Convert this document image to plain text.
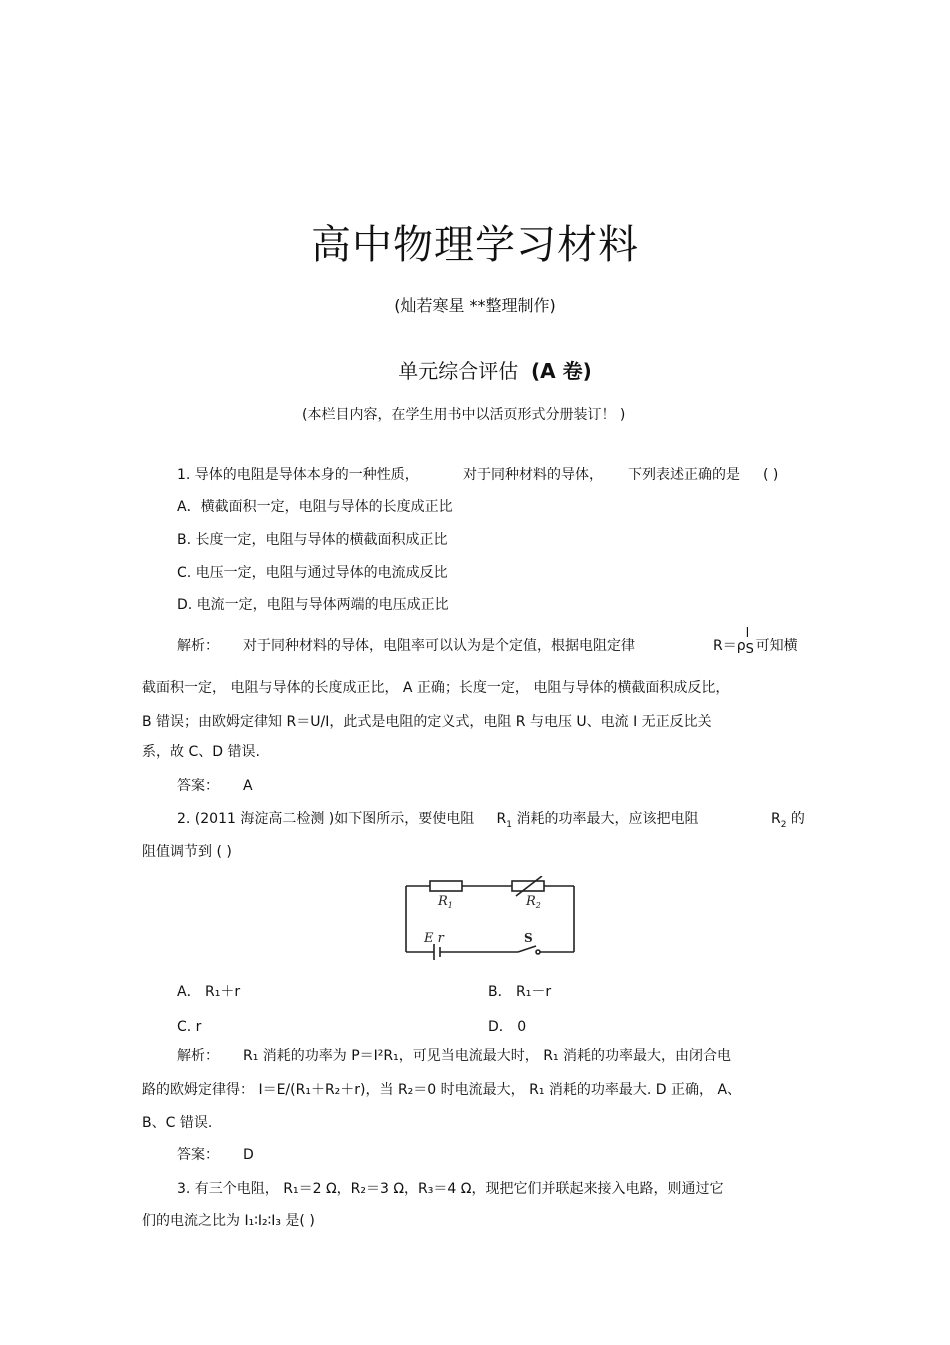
高中物理学习材料
(灿若寒星 **整理制作)
单元综合评估 (A 卷)
(本栏目内容，在学生用书中以活页形式分册装订！ )
1. 导体的电阻是导体本身的一种性质，	对于同种材料的导体， 下列表述正确的是 ( )
A．横截面积一定，电阻与导体的长度成正比
B. 长度一定，电阻与导体的横截面积成正比
C. 电压一定，电阻与通过导体的电流成反比
D. 电流一定，电阻与导体两端的电压成正比
解析： 对于同种材料的导体，电阻率可以认为是个定值，根据电阻定律	R＝ρ
l
S 可知横
截面积一定， 电阻与导体的长度成正比， A 正确；长度一定， 电阻与导体的横截面积成反比，
B 错误；由欧姆定律知 R＝U/I，此式是电阻的定义式，电阻 R 与电压 U、电流 I 无正反比关
系，故 C、D 错误.
答案： A
2. (2011 海淀高二检测 )如下图所示，要使电阻 $R_1$ 消耗的功率最大，应该把电阻	$R_2$ 的
阻值调节到 ( )
$R_1$	$R_2$
E r	S
A． R₁＋r	B． R₁－r
C. r	D． 0
解析： R₁ 消耗的功率为 P＝I²R₁，可见当电流最大时， R₁ 消耗的功率最大，由闭合电
路的欧姆定律得： I＝E/(R₁＋R₂＋r)，当 R₂＝0 时电流最大， R₁ 消耗的功率最大. D 正确， A、
B、C 错误.
答案： D
3. 有三个电阻， R₁＝2 Ω，R₂＝3 Ω，R₃＝4 Ω，现把它们并联起来接入电路，则通过它
们的电流之比为 I₁∶I₂∶I₃ 是( )
